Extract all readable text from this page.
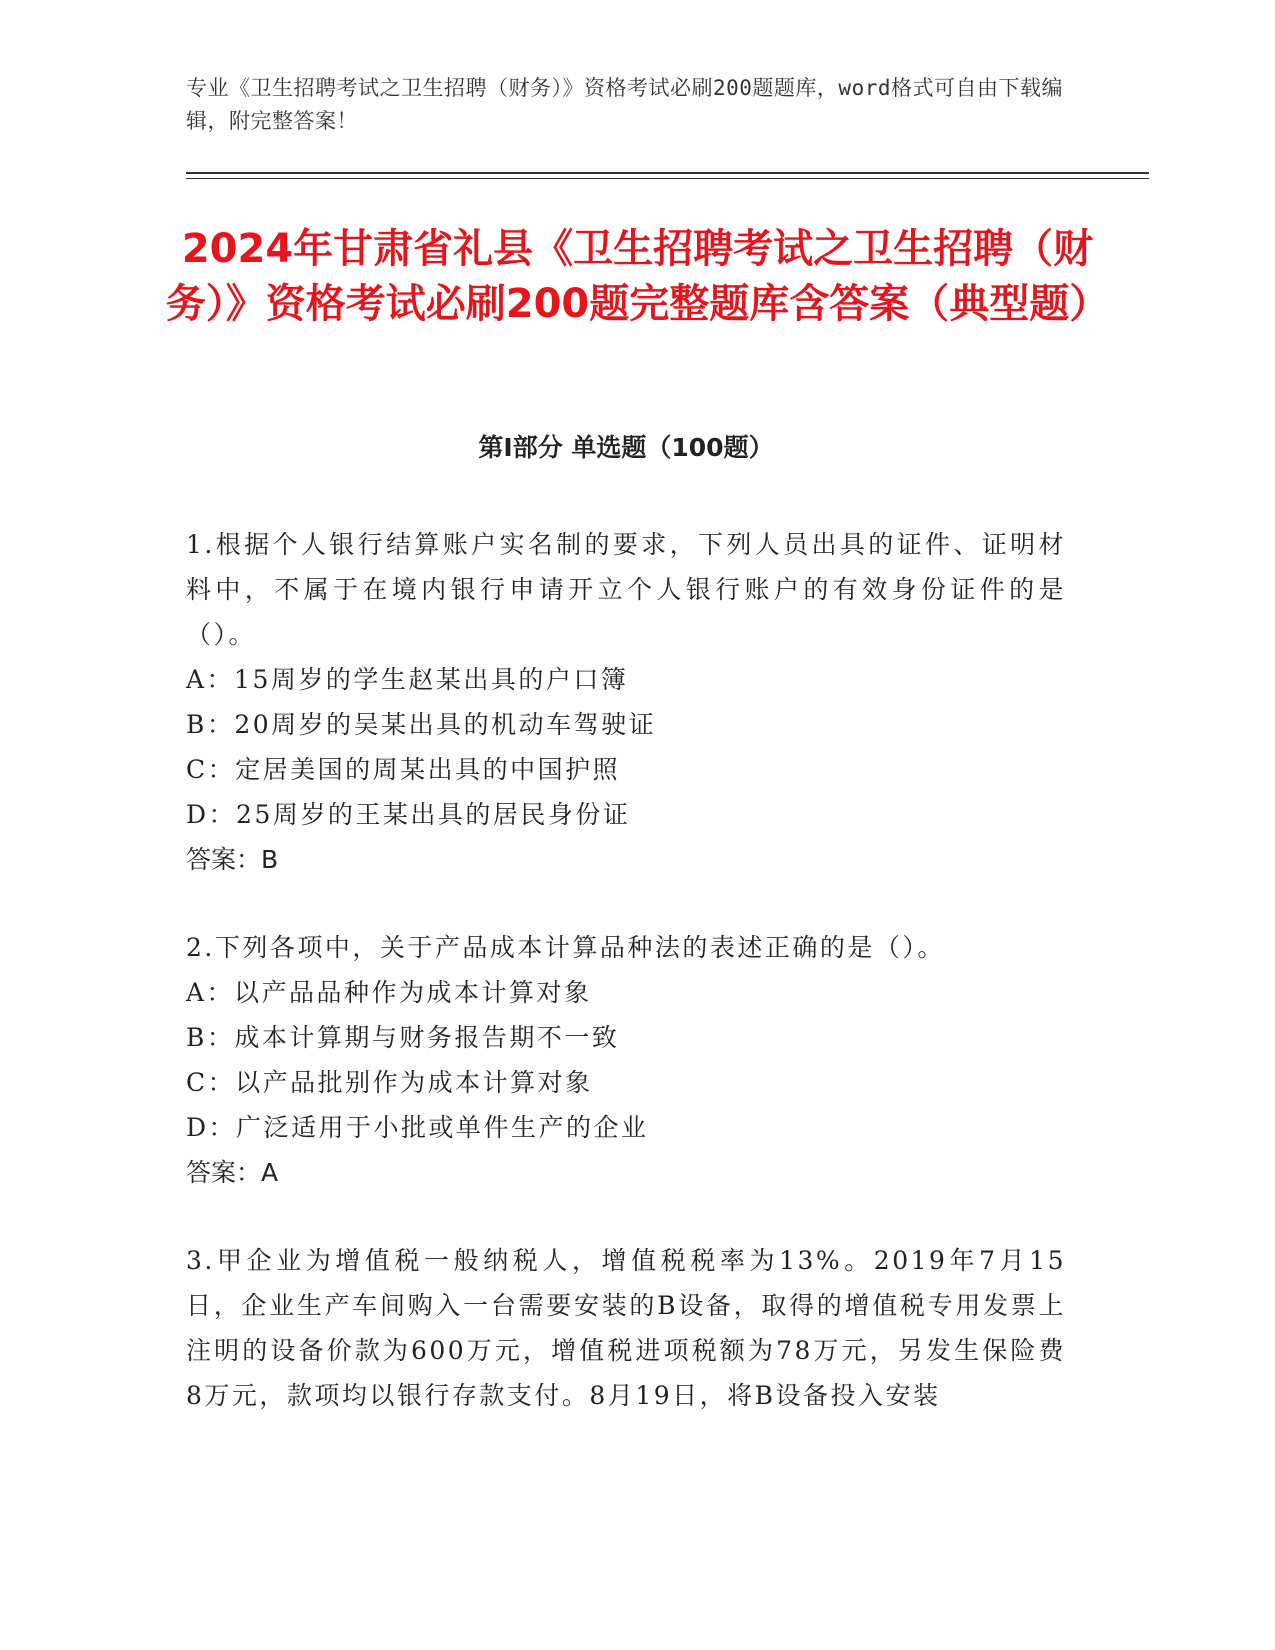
专业《卫生招聘考试之卫生招聘（财务）》资格考试必刷200题题库，word格式可自由下载编辑，附完整答案！
2024年甘肃省礼县《卫生招聘考试之卫生招聘（财务）》资格考试必刷200题完整题库含答案（典型题）
第I部分 单选题（100题）

1.根据个人银行结算账户实名制的要求，下列人员出具的证件、证明材料中，不属于在境内银行申请开立个人银行账户的有效身份证件的是（）。

A：15周岁的学生赵某出具的户口簿

B：20周岁的吴某出具的机动车驾驶证

C：定居美国的周某出具的中国护照

D：25周岁的王某出具的居民身份证

答案：B

2.下列各项中，关于产品成本计算品种法的表述正确的是（）。

A：以产品品种作为成本计算对象

B：成本计算期与财务报告期不一致

C：以产品批别作为成本计算对象

D：广泛适用于小批或单件生产的企业

答案：A

3.甲企业为增值税一般纳税人，增值税税率为13%。2019年7月15日，企业生产车间购入一台需要安装的B设备，取得的增值税专用发票上注明的设备价款为600万元，增值税进项税额为78万元，另发生保险费8万元，款项均以银行存款支付。8月19日，将B设备投入安装
